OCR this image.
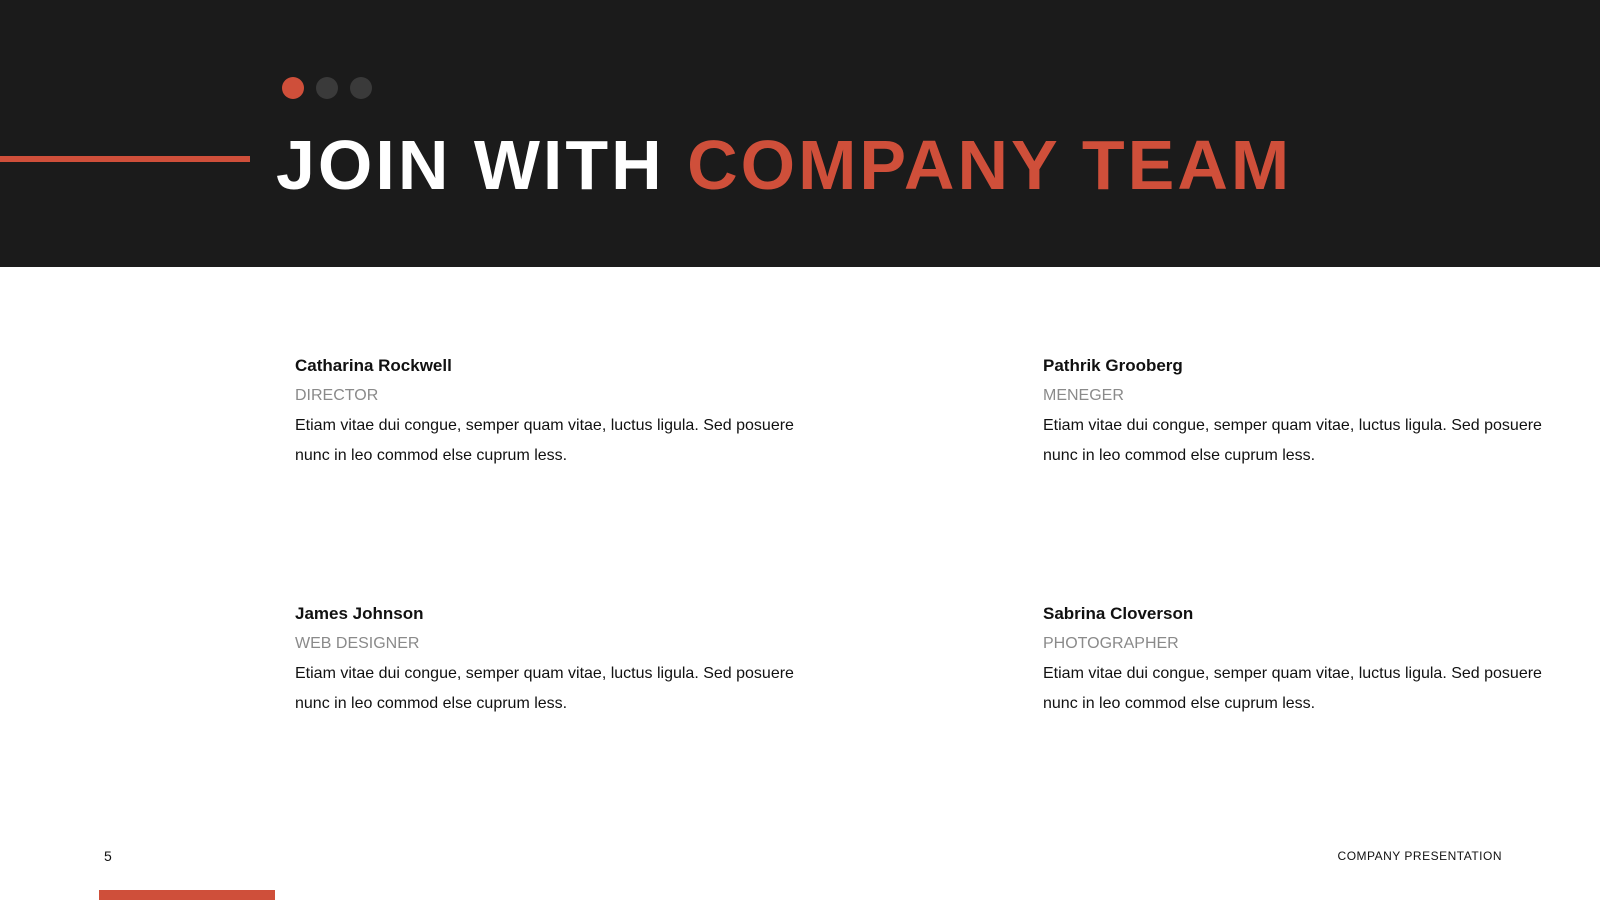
JOIN WITH COMPANY TEAM
Catharina Rockwell
DIRECTOR
Etiam vitae dui congue, semper quam vitae, luctus ligula. Sed posuere nunc in leo commod else cuprum less.
Pathrik Grooberg
MENEGER
Etiam vitae dui congue, semper quam vitae, luctus ligula. Sed posuere nunc in leo commod else cuprum less.
James Johnson
WEB DESIGNER
Etiam vitae dui congue, semper quam vitae, luctus ligula. Sed posuere nunc in leo commod else cuprum less.
Sabrina Cloverson
PHOTOGRAPHER
Etiam vitae dui congue, semper quam vitae, luctus ligula. Sed posuere nunc in leo commod else cuprum less.
5	COMPANY PRESENTATION
